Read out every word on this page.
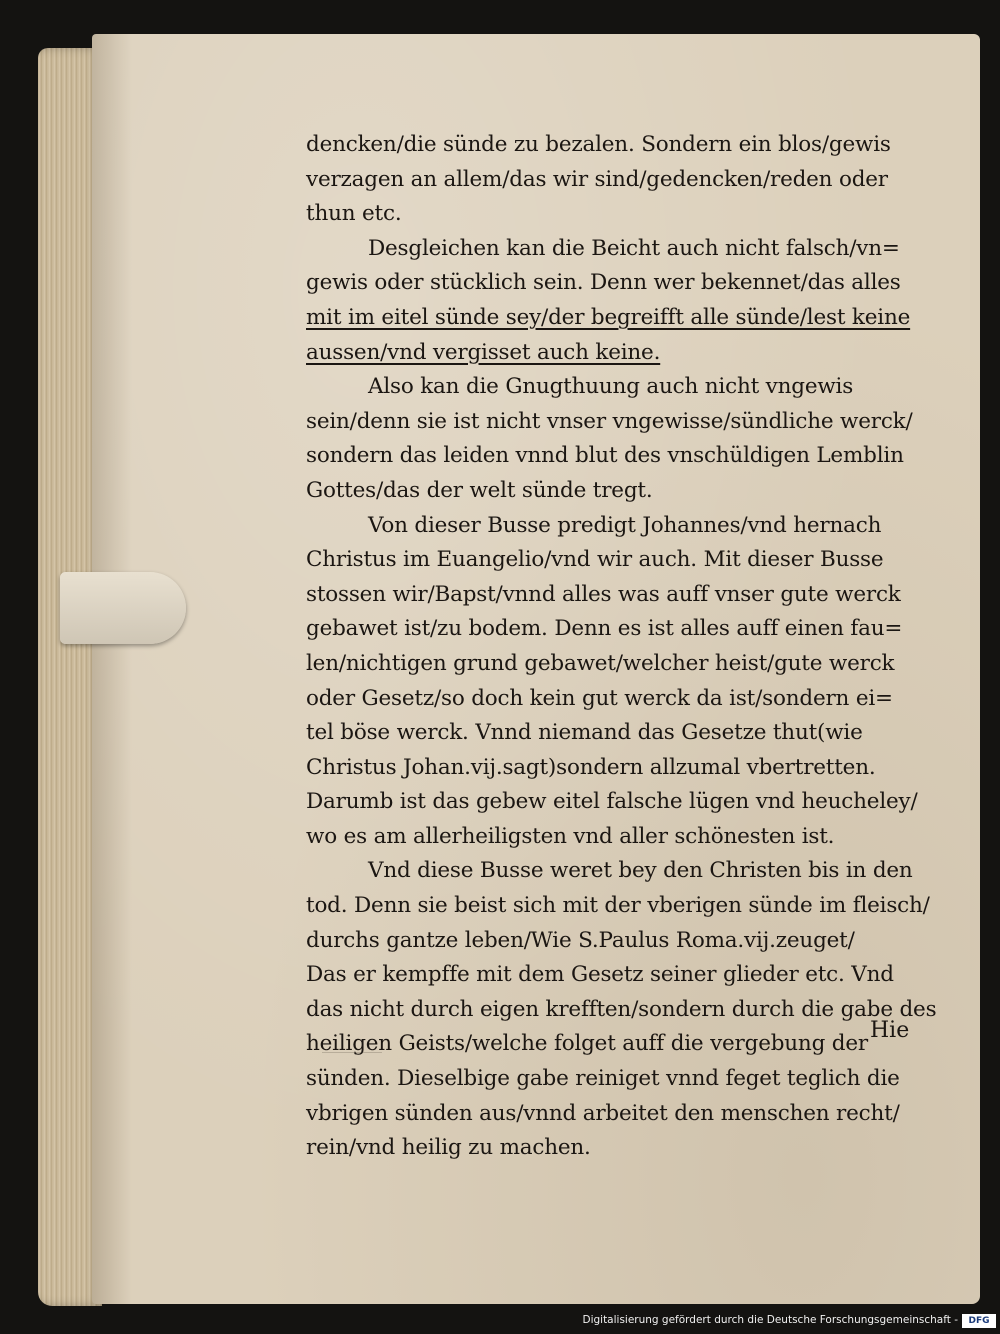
dencken/die sünde zu bezalen. Sondern ein blos/gewis
verzagen an allem/das wir sind/gedencken/reden oder
thun etc.
Desgleichen kan die Beicht auch nicht falsch/vn=
gewis oder stücklich sein. Denn wer bekennet/das alles
mit im eitel sünde sey/der begreifft alle sünde/lest keine
aussen/vnd vergisset auch keine.
Also kan die Gnugthuung auch nicht vngewis
sein/denn sie ist nicht vnser vngewisse/sündliche werck/
sondern das leiden vnnd blut des vnschüldigen Lemblin
Gottes/das der welt sünde tregt.
Von dieser Busse predigt Johannes/vnd hernach
Christus im Euangelio/vnd wir auch. Mit dieser Busse
stossen wir/Bapst/vnnd alles was auff vnser gute werck
gebawet ist/zu bodem. Denn es ist alles auff einen fau=
len/nichtigen grund gebawet/welcher heist/gute werck
oder Gesetz/so doch kein gut werck da ist/sondern ei=
tel böse werck. Vnnd niemand das Gesetze thut(wie
Christus Johan.vij.sagt)sondern allzumal vbertretten.
Darumb ist das gebew eitel falsche lügen vnd heucheley/
wo es am allerheiligsten vnd aller schönesten ist.
Vnd diese Busse weret bey den Christen bis in den
tod. Denn sie beist sich mit der vberigen sünde im fleisch/
durchs gantze leben/Wie S.Paulus Roma.vij.zeuget/
Das er kempffe mit dem Gesetz seiner glieder etc. Vnd
das nicht durch eigen krefften/sondern durch die gabe des
heiligen Geists/welche folget auff die vergebung der
sünden. Dieselbige gabe reiniget vnnd feget teglich die
vbrigen sünden aus/vnnd arbeitet den menschen recht/
rein/vnd heilig zu machen.
Hie
Digitalisierung gefördert durch die Deutsche Forschungsgemeinschaft -	DFG
